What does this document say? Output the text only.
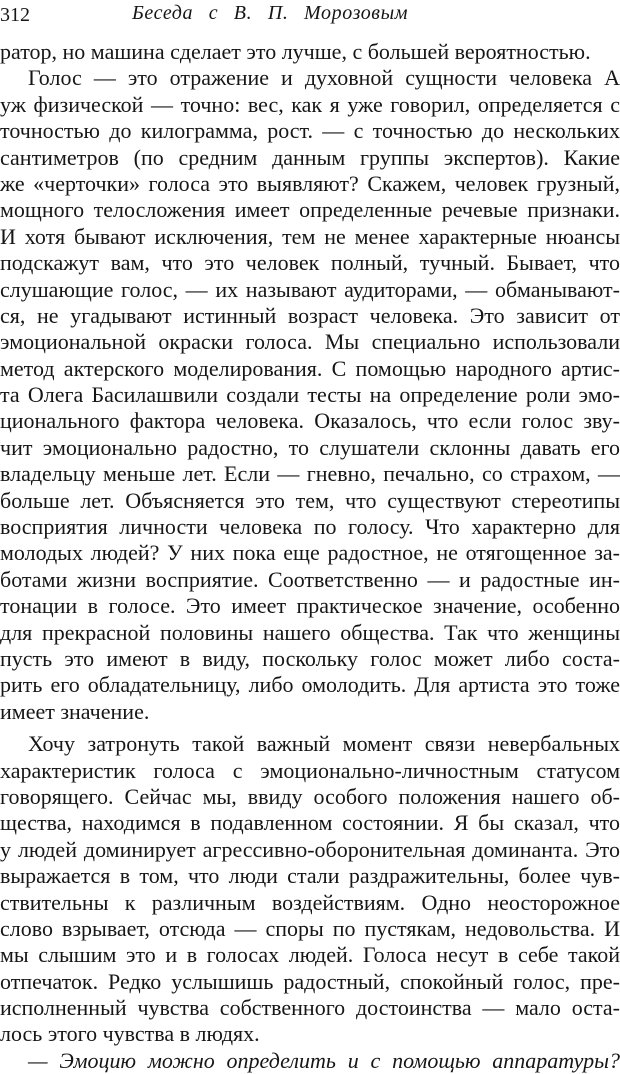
312	Беседа с В. П. Морозовым
ратор, но машина сделает это лучше, с большей вероятностью.
Голос — это отражение и духовной сущности человека А
уж физической — точно: вес, как я уже говорил, определяется с
точностью до килограмма, рост. — с точностью до нескольких
сантиметров (по средним данным группы экспертов). Какие
же «черточки» голоса это выявляют? Скажем, человек грузный,
мощного телосложения имеет определенные речевые признаки.
И хотя бывают исключения, тем не менее характерные нюансы
подскажут вам, что это человек полный, тучный. Бывает, что
слушающие голос, — их называют аудиторами, — обманывают-
ся, не угадывают истинный возраст человека. Это зависит от
эмоциональной окраски голоса. Мы специально использовали
метод актерского моделирования. С помощью народного артис-
та Олега Басилашвили создали тесты на определение роли эмо-
ционального фактора человека. Оказалось, что если голос зву-
чит эмоционально радостно, то слушатели склонны давать его
владельцу меньше лет. Если — гневно, печально, со страхом, —
больше лет. Объясняется это тем, что существуют стереотипы
восприятия личности человека по голосу. Что характерно для
молодых людей? У них пока еще радостное, не отягощенное за-
ботами жизни восприятие. Соответственно — и радостные ин-
тонации в голосе. Это имеет практическое значение, особенно
для прекрасной половины нашего общества. Так что женщины
пусть это имеют в виду, поскольку голос может либо соста-
рить его обладательницу, либо омолодить. Для артиста это тоже
имеет значение.
Хочу затронуть такой важный момент связи невербальных
характеристик голоса с эмоционально-личностным статусом
говорящего. Сейчас мы, ввиду особого положения нашего об-
щества, находимся в подавленном состоянии. Я бы сказал, что
у людей доминирует агрессивно-оборонительная доминанта. Это
выражается в том, что люди стали раздражительны, более чув-
ствительны к различным воздействиям. Одно неосторожное
слово взрывает, отсюда — споры по пустякам, недовольства. И
мы слышим это и в голосах людей. Голоса несут в себе такой
отпечаток. Редко услышишь радостный, спокойный голос, пре-
исполненный чувства собственного достоинства — мало оста-
лось этого чувства в людях.
— Эмоцию можно определить и с помощью аппаратуры?
